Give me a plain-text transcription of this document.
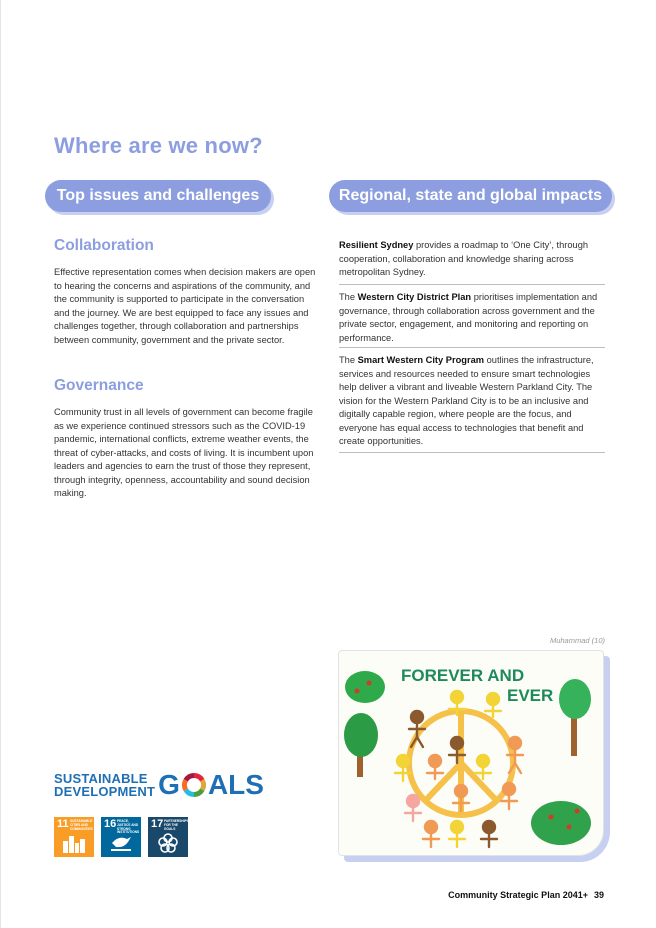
Where are we now?
Top issues and challenges	Regional, state and global impacts
Collaboration

Effective representation comes when decision makers are open to hearing the concerns and aspirations of the community, and the community is supported to participate in the conversation and the journey. We are best equipped to face any issues and challenges together, through collaboration and partnerships between community, government and the private sector.

Governance

Community trust in all levels of government can become fragile as we experience continued stressors such as the COVID-19 pandemic, international conflicts, extreme weather events, the threat of cyber-attacks, and costs of living. It is incumbent upon leaders and agencies to earn the trust of those they represent, through integrity, openness, accountability and sound decision making.

Resilient Sydney provides a roadmap to ‘One City’, through cooperation, collaboration and knowledge sharing across metropolitan Sydney.

The Western City District Plan prioritises implementation and governance, through collaboration across government and the private sector, engagement, and monitoring and reporting on performance.

The Smart Western City Program outlines the infrastructure, services and resources needed to ensure smart technologies help deliver a vibrant and liveable Western Parkland City. The vision for the Western Parkland City is to be an inclusive and digitally capable region, where people are the focus, and everyone has equal access to technologies that benefit and create opportunities.

Muhammad (10)
FOREVER AND
EVER
SUSTAINABLE
DEVELOPMENT G ALS
11 SUSTAINABLE CITIES AND COMMUNITIES 16 PEACE, JUSTICE AND STRONG INSTITUTIONS
17 PARTNERSHIPS FOR THE GOALS
Community Strategic Plan 2041+ 39
